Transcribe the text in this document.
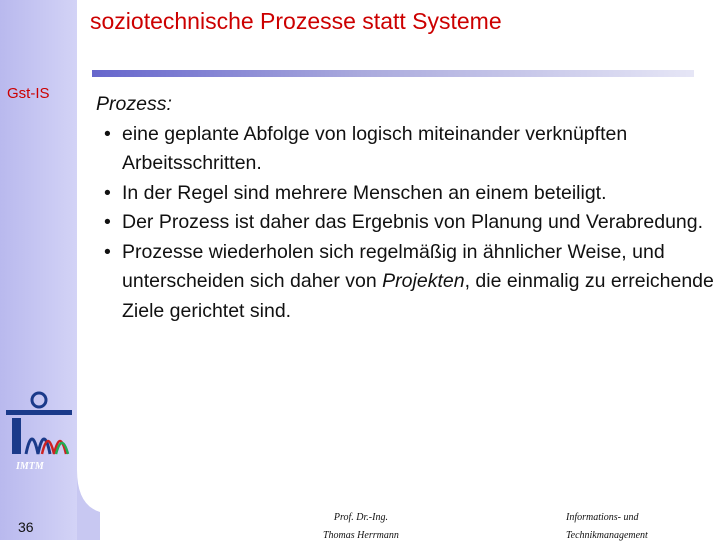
soziotechnische Prozesse statt Systeme
Gst-IS Prozess:
• eine geplante Abfolge von logisch miteinander verknüpften Arbeitsschritten.
• In der Regel sind mehrere Menschen an einem beteiligt.
• Der Prozess ist daher das Ergebnis von Planung und Verabredung.
• Prozesse wiederholen sich regelmäßig in ähnlicher Weise, und unterscheiden sich daher von Projekten, die einmalig zu erreichende Ziele gerichtet sind.
IMTM
36
Prof. Dr.-Ing.
Thomas Herrmann
Informations- und
Technikmanagement
